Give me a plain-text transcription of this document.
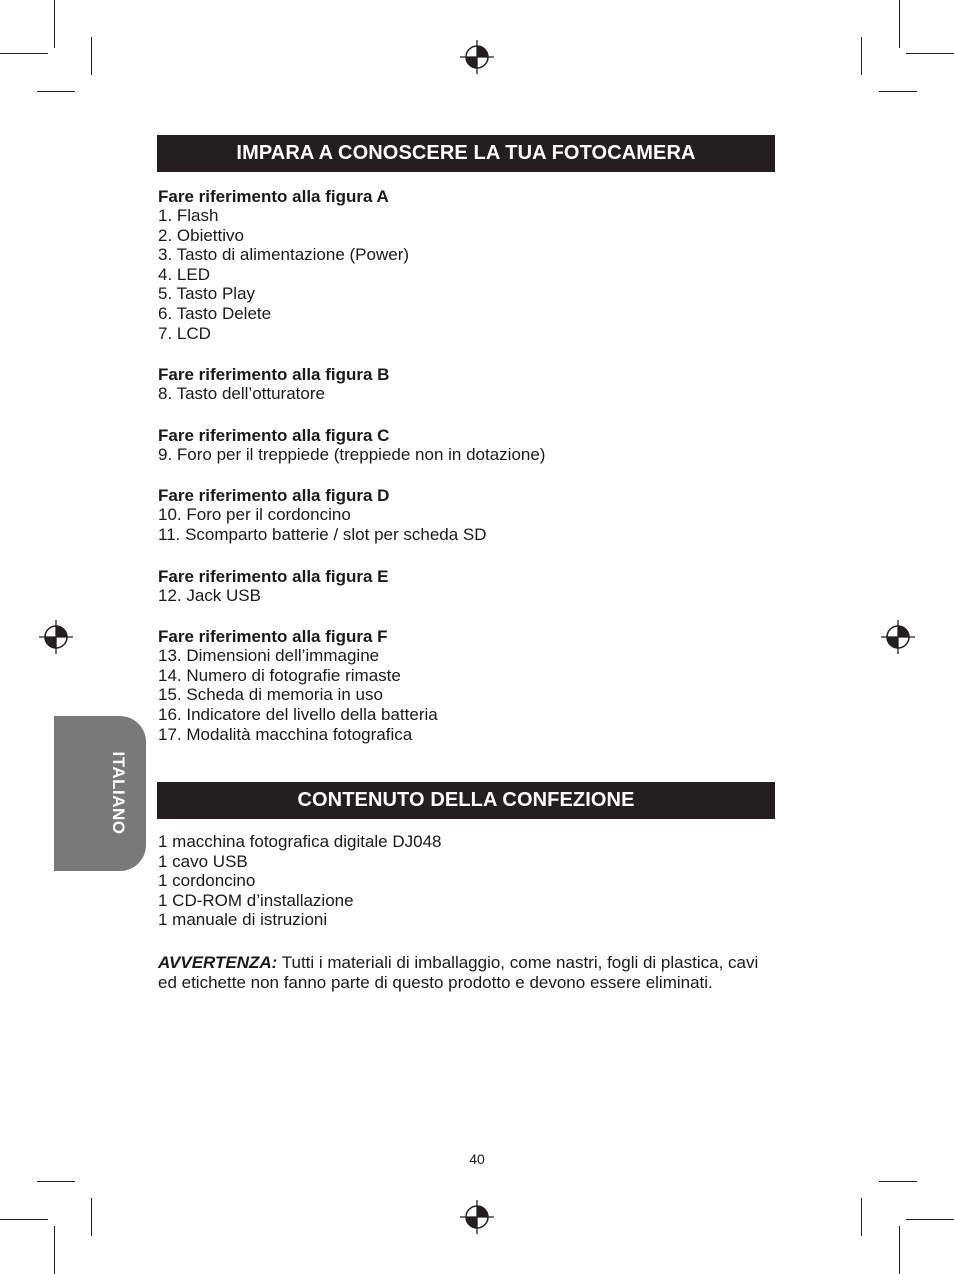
ITALIANO
IMPARA A CONOSCERE LA TUA FOTOCAMERA
Fare riferimento alla figura A
1. Flash
2. Obiettivo
3. Tasto di alimentazione (Power)
4. LED
5. Tasto Play
6. Tasto Delete
7. LCD
Fare riferimento alla figura B
8. Tasto dell’otturatore
Fare riferimento alla figura C
9. Foro per il treppiede (treppiede non in dotazione)
Fare riferimento alla figura D
10. Foro per il cordoncino
11. Scomparto batterie / slot per scheda SD
Fare riferimento alla figura E
12. Jack USB
Fare riferimento alla figura F
13. Dimensioni dell’immagine
14. Numero di fotografie rimaste
15. Scheda di memoria in uso
16. Indicatore del livello della batteria
17. Modalità macchina fotografica
CONTENUTO DELLA CONFEZIONE
1 macchina fotografica digitale DJ048
1 cavo USB
1 cordoncino
1 CD-ROM d’installazione
1 manuale di istruzioni
AVVERTENZA: Tutti i materiali di imballaggio, come nastri, fogli di plastica, cavi ed etichette non fanno parte di questo prodotto e devono essere eliminati.
40
